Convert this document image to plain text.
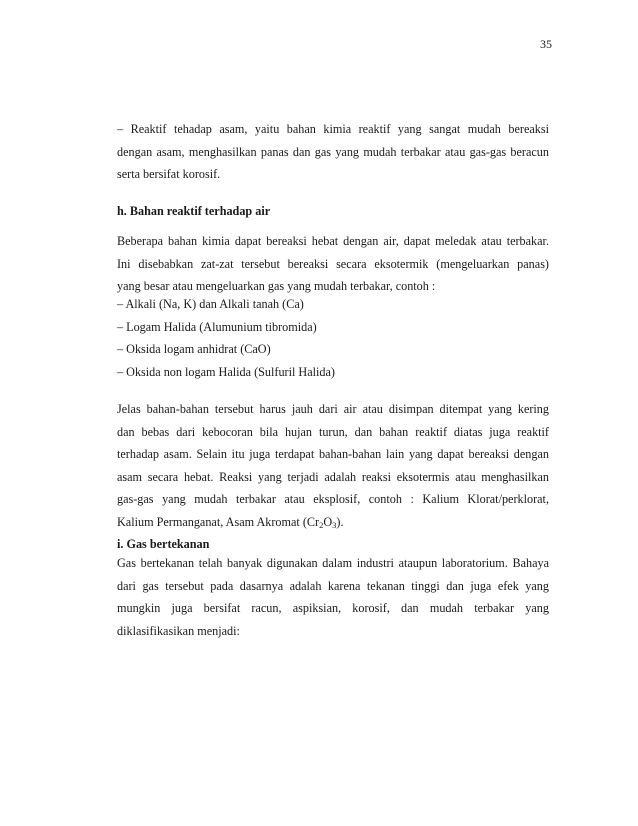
35
– Reaktif tehadap asam, yaitu bahan kimia reaktif yang sangat mudah bereaksi
dengan asam, menghasilkan panas dan gas yang mudah terbakar atau gas-gas beracun
serta bersifat korosif.
h. Bahan reaktif terhadap air
Beberapa bahan kimia dapat bereaksi hebat dengan air, dapat meledak atau terbakar.
Ini disebabkan zat-zat tersebut bereaksi secara eksotermik (mengeluarkan panas)
yang besar atau mengeluarkan gas yang mudah terbakar, contoh :
– Alkali (Na, K) dan Alkali tanah (Ca)
– Logam Halida (Alumunium tibromida)
– Oksida logam anhidrat (CaO)
– Oksida non logam Halida (Sulfuril Halida)
Jelas bahan-bahan tersebut harus jauh dari air atau disimpan ditempat yang kering
dan bebas dari kebocoran bila hujan turun, dan bahan reaktif diatas juga reaktif
terhadap asam. Selain itu juga terdapat bahan-bahan lain yang dapat bereaksi dengan
asam secara hebat. Reaksi yang terjadi adalah reaksi eksotermis atau menghasilkan
gas-gas yang mudah terbakar atau eksplosif, contoh : Kalium Klorat/perklorat,
Kalium Permanganat, Asam Akromat $(Cr_2O_3)$.
i. Gas bertekanan
Gas bertekanan telah banyak digunakan dalam industri ataupun laboratorium. Bahaya
dari gas tersebut pada dasarnya adalah karena tekanan tinggi dan juga efek yang
mungkin juga bersifat racun, aspiksian, korosif, dan mudah terbakar yang
diklasifikasikan menjadi:
